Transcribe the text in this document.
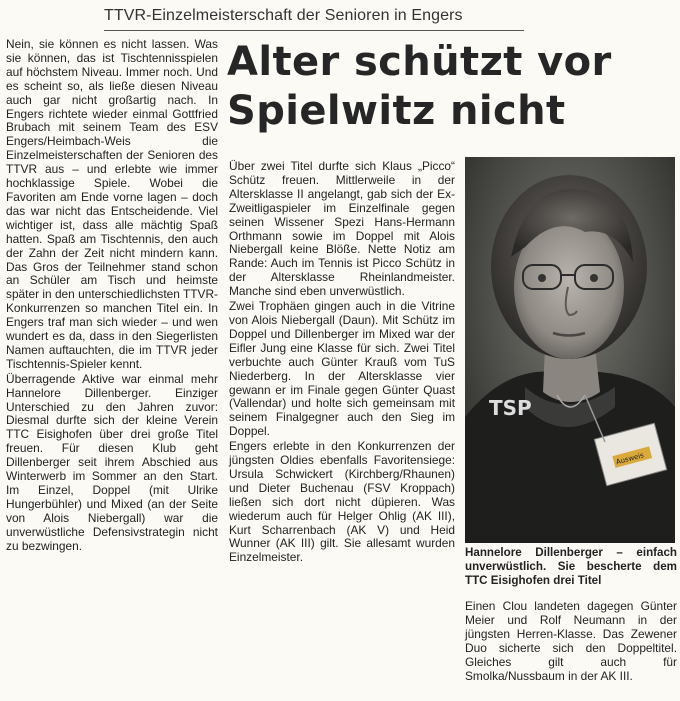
TTVR-Einzelmeisterschaft der Senioren in Engers

Nein, sie können es nicht lassen. Was sie können, das ist Tischtennisspielen auf höchstem Niveau. Immer noch. Und es scheint so, als ließe diesen Niveau auch gar nicht großartig nach. In Engers richtete wieder einmal Gottfried Brubach mit seinem Team des ESV Engers/Heimbach-Weis die Einzelmeisterschaften der Senioren des TTVR aus – und erlebte wie immer hochklassige Spiele. Wobei die Favoriten am Ende vorne lagen – doch das war nicht das Entscheidende. Viel wichtiger ist, dass alle mächtig Spaß hatten. Spaß am Tischtennis, den auch der Zahn der Zeit nicht mindern kann. Das Gros der Teilnehmer stand schon an Schüler am Tisch und heimste später in den unterschiedlichsten TTVR-Konkurrenzen so manchen Titel ein. In Engers traf man sich wieder – und wen wundert es da, dass in den Siegerlisten Namen auftauchten, die im TTVR jeder Tischtennis-Spieler kennt.

Überragende Aktive war einmal mehr Hannelore Dillenberger. Einziger Unterschied zu den Jahren zuvor: Diesmal durfte sich der kleine Verein TTC Eisighofen über drei große Titel freuen. Für diesen Klub geht Dillenberger seit ihrem Abschied aus Winterwerb im Sommer an den Start. Im Einzel, Doppel (mit Ulrike Hungerbühler) und Mixed (an der Seite von Alois Niebergall) war die unverwüstliche Defensivstrategin nicht zu bezwingen.

Alter schützt vor
Spielwitz nicht

Über zwei Titel durfte sich Klaus „Picco“ Schütz freuen. Mittlerweile in der Altersklasse II angelangt, gab sich der Ex-Zweitligaspieler im Einzelfinale gegen seinen Wissener Spezi Hans-Hermann Orthmann sowie im Doppel mit Alois Niebergall keine Blöße. Nette Notiz am Rande: Auch im Tennis ist Picco Schütz in der Altersklasse Rheinlandmeister. Manche sind eben unverwüstlich.

Zwei Trophäen gingen auch in die Vitrine von Alois Niebergall (Daun). Mit Schütz im Doppel und Dillenberger im Mixed war der Eifler Jung eine Klasse für sich. Zwei Titel verbuchte auch Günter Krauß vom TuS Niederberg. In der Altersklasse vier gewann er im Finale gegen Günter Quast (Vallendar) und holte sich gemeinsam mit seinem Finalgegner auch den Sieg im Doppel.

Engers erlebte in den Konkurrenzen der jüngsten Oldies ebenfalls Favoritensiege: Ursula Schwickert (Kirchberg/Rhaunen) und Dieter Buchenau (FSV Kroppach) ließen sich dort nicht düpieren. Was wiederum auch für Helger Ohlig (AK III), Kurt Scharrenbach (AK V) und Heid Wunner (AK III) gilt. Sie allesamt wurden Einzelmeister.

TSP
Ausweis
Hannelore Dillenberger – einfach unverwüstlich. Sie bescherte dem TTC Eisighofen drei Titel

Einen Clou landeten dagegen Günter Meier und Rolf Neumann in der jüngsten Herren-Klasse. Das Zewener Duo sicherte sich den Doppeltitel. Gleiches gilt auch für Smolka/Nussbaum in der AK III.
